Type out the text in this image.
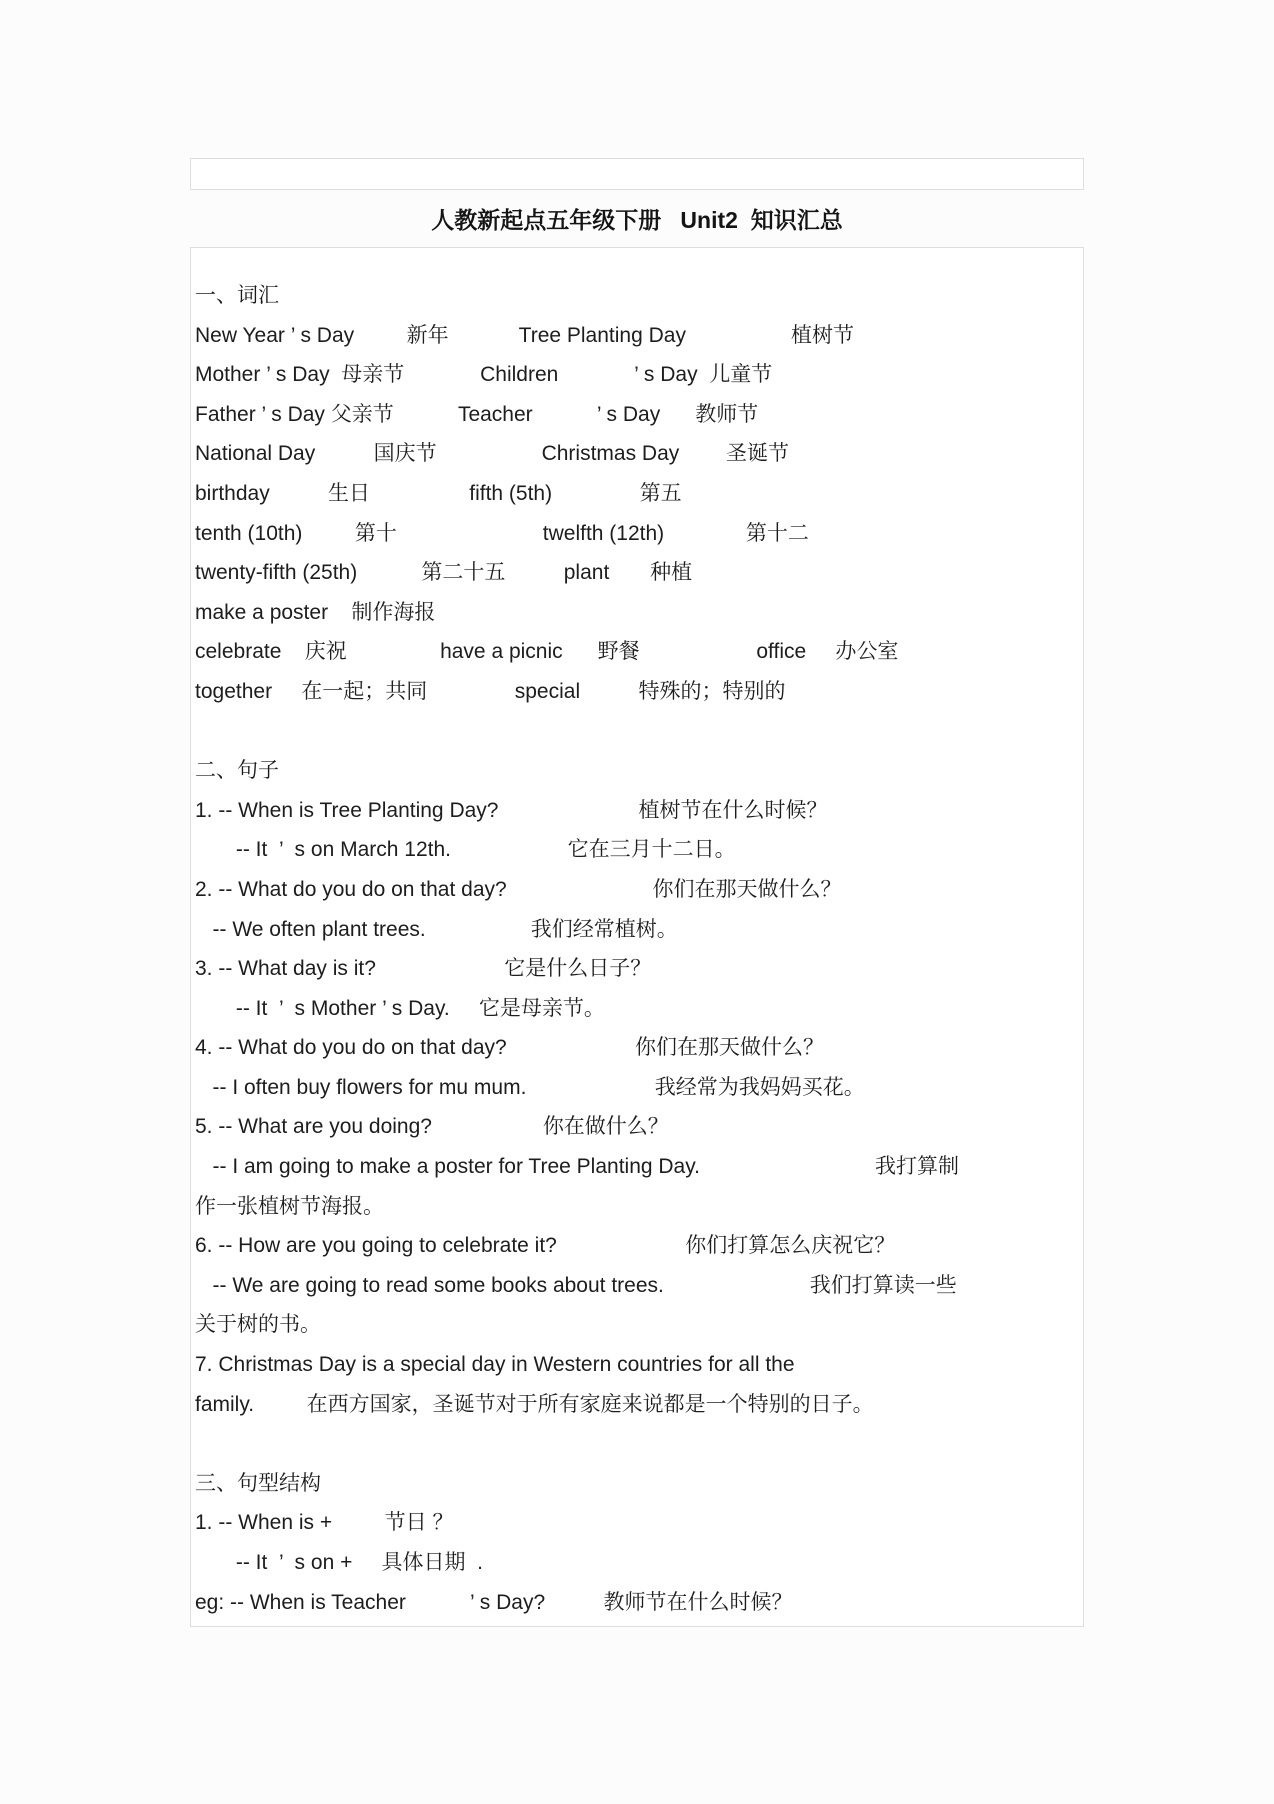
人教新起点五年级下册   Unit2  知识汇总
一、词汇
New Year ’ s Day         新年            Tree Planting Day                  植树节
Mother ’ s Day  母亲节             Children             ’ s Day  儿童节
Father ’ s Day 父亲节           Teacher           ’ s Day      教师节
National Day          国庆节                  Christmas Day        圣诞节
birthday          生日                 fifth (5th)               第五
tenth (10th)         第十                         twelfth (12th)              第十二
twenty-fifth (25th)           第二十五          plant       种植
make a poster    制作海报
celebrate    庆祝                have a picnic      野餐                    office     办公室
together     在一起；共同               special          特殊的；特别的
二、句子
1. -- When is Tree Planting Day?                        植树节在什么时候？
-- It  ’  s on March 12th.                    它在三月十二日。
2. -- What do you do on that day?                         你们在那天做什么？
-- We often plant trees.                  我们经常植树。
3. -- What day is it?                      它是什么日子？
-- It  ’  s Mother ’ s Day.     它是母亲节。
4. -- What do you do on that day?                      你们在那天做什么？
-- I often buy flowers for mu mum.                      我经常为我妈妈买花。
5. -- What are you doing?                   你在做什么？
-- I am going to make a poster for Tree Planting Day.                              我打算制
作一张植树节海报。
6. -- How are you going to celebrate it?                      你们打算怎么庆祝它？
-- We are going to read some books about trees.                         我们打算读一些
关于树的书。
7. Christmas Day is a special day in Western countries for all the
family.         在西方国家，圣诞节对于所有家庭来说都是一个特别的日子。
三、句型结构
1. -- When is +         节日 ？
-- It  ’  s on +     具体日期  .
eg: -- When is Teacher           ’ s Day?          教师节在什么时候？
